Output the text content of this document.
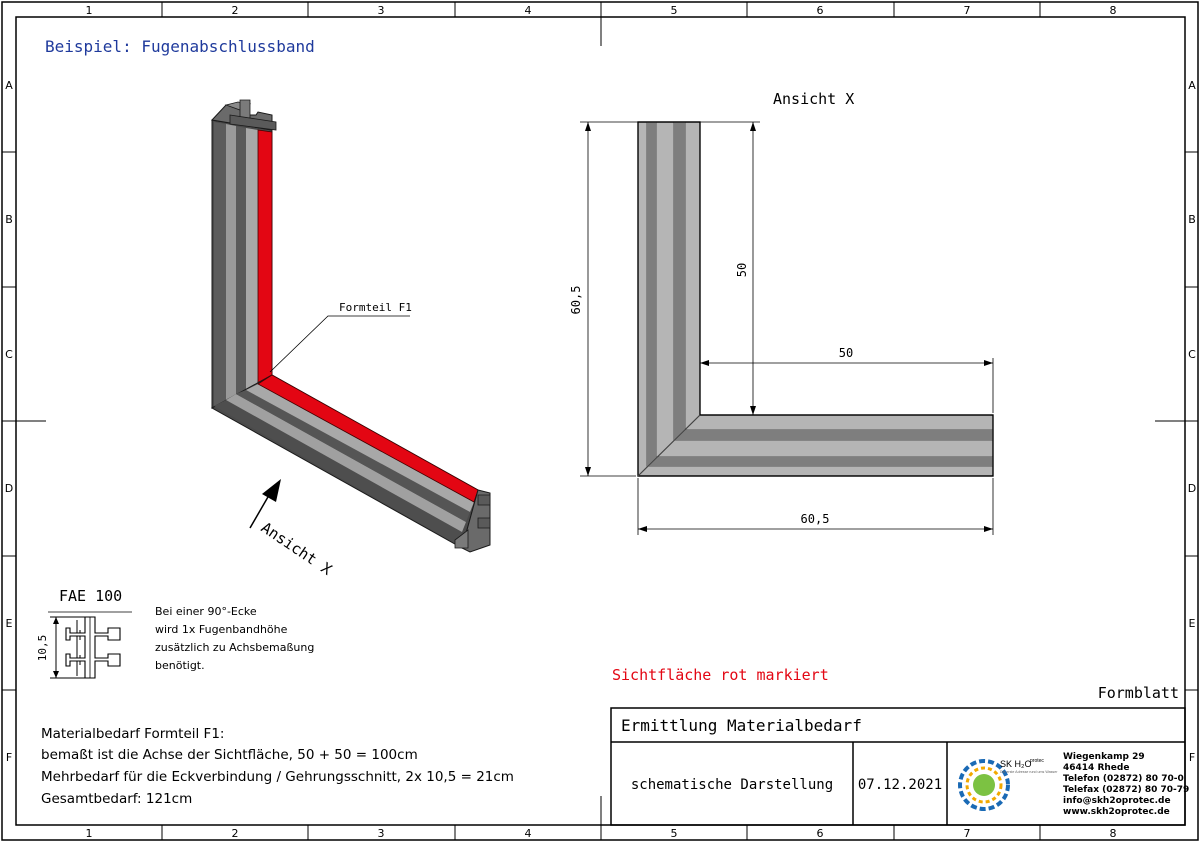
1	2	3	4	5	6	7	8
1	2	3	4	5	6	7	8
A
B
C
D
E
F
A
B
C
D
E
F
Beispiel: Fugenabschlussband
Formteil F1
Ansicht X
Ansicht X
60,5
50
50
60,5
FAE 100
10,5
Bei einer 90°-Ecke
wird 1x Fugenbandhöhe
zusätzlich zu Achsbemaßung
benötigt.
Sichtfläche rot markiert
Materialbedarf Formteil F1:
bemaßt ist die Achse der Sichtfläche, 50 + 50 = 100cm
Mehrbedarf für die Eckverbindung / Gehrungsschnitt, 2x 10,5 = 21cm
Gesamtbedarf: 121cm
Formblatt
Ermittlung Materialbedarf
schematische Darstellung 07.12.2021
SK H₂O
protec
Die erste Adresse rund ums Wasser
Wiegenkamp 29
46414 Rhede
Telefon (02872) 80 70-0
Telefax (02872) 80 70-79
info@skh2oprotec.de
www.skh2oprotec.de
